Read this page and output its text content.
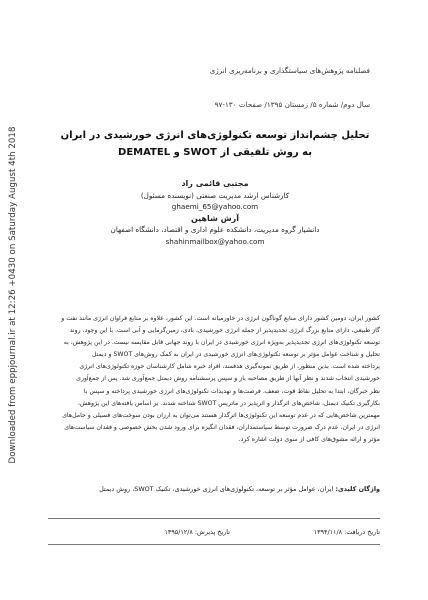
Downloaded from eppjournal.ir at 12:26 +0430 on Saturday August 4th 2018
فصلنامه پژوهش‌های سیاستگذاری و برنامه‌ریزی انرژی
سال دوم/ شماره ۵/ زمستان ۱۳۹۵/ صفحات ۱۳۰-۹۷
تحلیل چشم‌انداز توسعه تکنولوژی‌های انرژی خورشیدی در ایران
به روش تلفیقی از SWOT و DEMATEL
مجتبی قائمی راد
کارشناس ارشد مدیریت صنعتی (نویسنده مسئول)
ghaemi_65@yahoo.com
آرش شاهین
دانشیار گروه مدیریت، دانشکده علوم اداری و اقتصاد، دانشگاه اصفهان
shahinmailbox@yahoo.com
کشور ایران، دومین کشور دارای منابع گوناگون انرژی در خاورمیانه است. این کشور، علاوه بر منابع فراوان انرژی مانند نفت و
گاز طبیعی، دارای منابع بزرگ انرژی تجدیدپذیر از جمله انرژی خورشیدی، بادی، زمین‌گرمایی و آبی است. با این وجود، روند
توسعه تکنولوژی‌های انرژی تجدیدپذیر به‌ویژه انرژی خورشیدی در ایران با روند جهانی قابل مقایسه نیست. در این پژوهش، به
تحلیل و شناخت عوامل مؤثر بر توسعه تکنولوژی‌های انرژی خورشیدی در ایران به کمک روش‌های SWOT و دیمتل
پرداخته شده است. بدین منظور، از طریق نمونه‌گیری هدفمند، افراد خبره شامل کارشناسان حوزه تکنولوژی‌های انرژی
خورشیدی انتخاب شدند و نظر آنها از طریق مصاحبه باز و سپس پرسشنامه روش دیمتل جمع‌آوری شد. پس از جمع‌آوری
نظر خبرگان، ابتدا به تحلیل نقاط قوت، ضعف، فرصت‌ها و تهدیدات تکنولوژی‌های انرژی خورشیدی پرداخته و سپس با
بکارگیری تکنیک دیمتل، شاخص‌های اثرگذار و اثرپذیر در ماتریس SWOT شناخته شدند. بر اساس یافته‌های این پژوهش،
مهمترین شاخص‌هایی که در عدم توسعه این تکنولوژی‌ها اثرگذار هستند می‌توان به ارزان بودن سوخت‌های فسیلی و حامل‌های
انرژی در ایران، عدم درک ضرورت توسط سیاستمداران، فقدان انگیزه برای ورود شدن بخش خصوصی و فقدان سیاست‌های
مؤثر و ارائه مشوق‌های کافی از سوی دولت اشاره کرد.
واژگان کلیدی: ایران، عوامل مؤثر بر توسعه، تکنولوژی‌های انرژی خورشیدی، تکنیک SWOT، روش دیمتل
تاریخ دریافت: ۱۳۹۴/۱۱/۸
تاریخ پذیرش: ۱۳۹۵/۱۲/۸
